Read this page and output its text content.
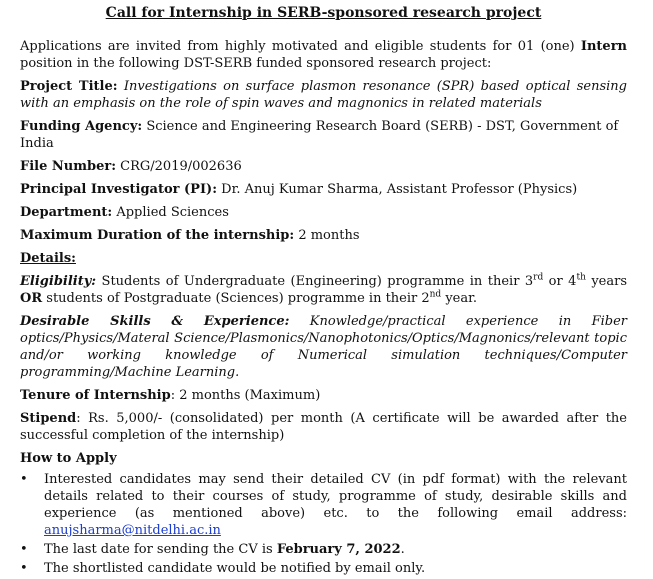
Call for Internship in SERB-sponsored research project

Applications are invited from highly motivated and eligible students for 01 (one) Intern position in the following DST-SERB funded sponsored research project:

Project Title: Investigations on surface plasmon resonance (SPR) based optical sensing with an emphasis on the role of spin waves and magnonics in related materials

Funding Agency: Science and Engineering Research Board (SERB) - DST, Government of India

File Number: CRG/2019/002636

Principal Investigator (PI): Dr. Anuj Kumar Sharma, Assistant Professor (Physics)

Department: Applied Sciences

Maximum Duration of the internship: 2 months

Details:

Eligibility: Students of Undergraduate (Engineering) programme in their 3rd or 4th years OR students of Postgraduate (Sciences) programme in their 2nd year.

Desirable Skills & Experience: Knowledge/practical experience in Fiber optics/Physics/Materal Science/Plasmonics/Nanophotonics/Optics/Magnonics/relevant topic and/or working knowledge of Numerical simulation techniques/Computer programming/Machine Learning.

Tenure of Internship: 2 months (Maximum)

Stipend: Rs. 5,000/- (consolidated) per month (A certificate will be awarded after the successful completion of the internship)

How to Apply

• Interested candidates may send their detailed CV (in pdf format) with the relevant details related to their courses of study, programme of study, desirable skills and experience (as mentioned above) etc. to the following email address: anujsharma@nitdelhi.ac.in
• The last date for sending the CV is February 7, 2022.
• The shortlisted candidate would be notified by email only.
